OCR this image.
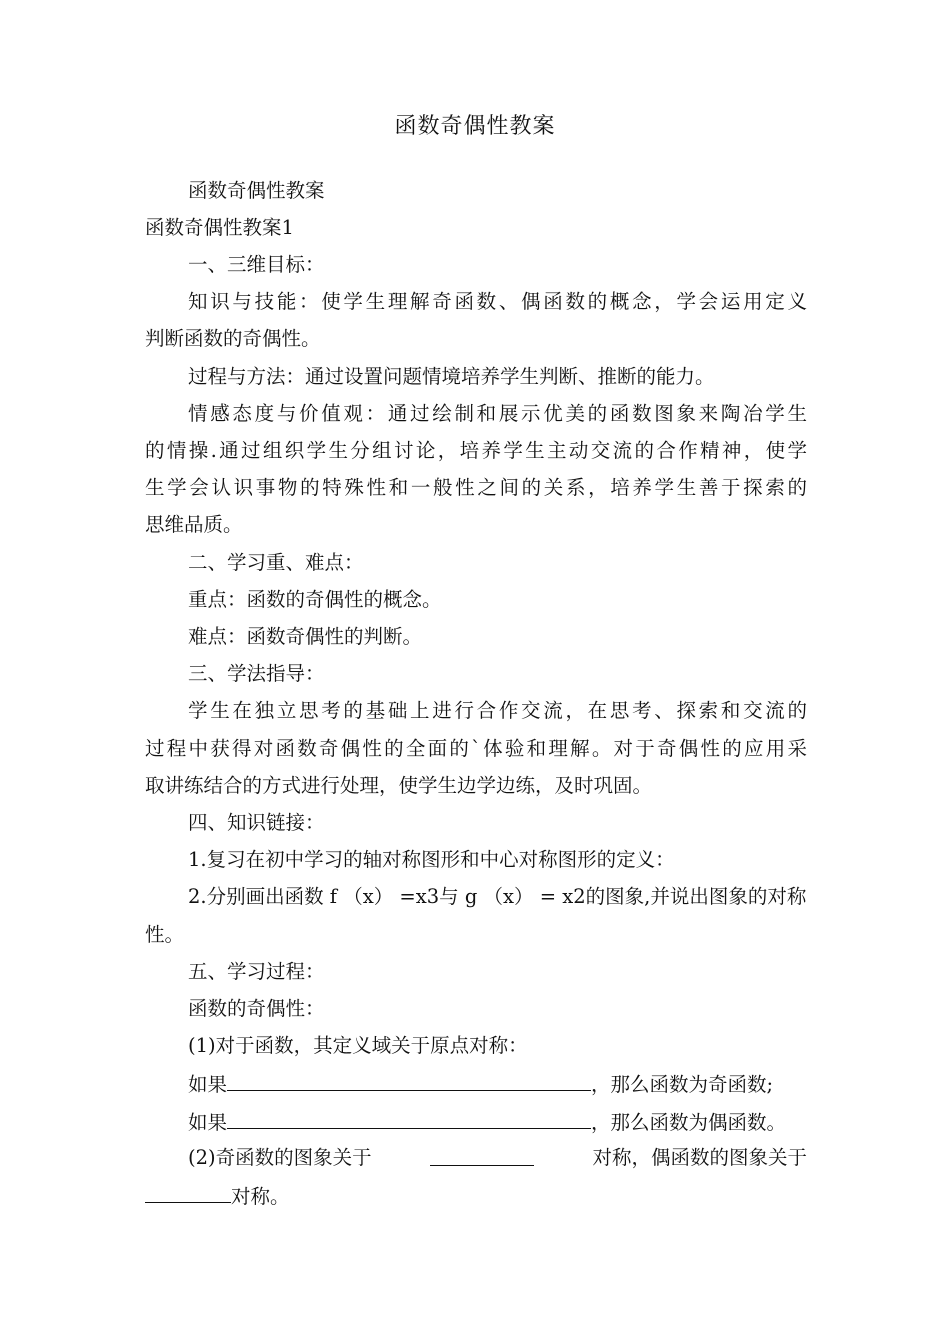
函数奇偶性教案
函数奇偶性教案
函数奇偶性教案1
一、三维目标：
知识与技能：使学生理解奇函数、偶函数的概念，学会运用定义
判断函数的奇偶性。
过程与方法：通过设置问题情境培养学生判断、推断的能力。
情感态度与价值观：通过绘制和展示优美的函数图象来陶冶学生
的情操.通过组织学生分组讨论，培养学生主动交流的合作精神，使学
生学会认识事物的特殊性和一般性之间的关系，培养学生善于探索的
思维品质。
二、学习重、难点：
重点：函数的奇偶性的概念。
难点：函数奇偶性的判断。
三、学法指导：
学生在独立思考的基础上进行合作交流，在思考、探索和交流的
过程中获得对函数奇偶性的全面的`体验和理解。对于奇偶性的应用采
取讲练结合的方式进行处理，使学生边学边练，及时巩固。
四、知识链接：
1.复习在初中学习的轴对称图形和中心对称图形的定义：
2.分别画出函数 f （x） =x3与 g （x） = x2的图象,并说出图象的对称
性。
五、学习过程：
函数的奇偶性：
(1)对于函数，其定义域关于原点对称：
如果	，那么函数为奇函数;
如果	，那么函数为偶函数。
(2)奇函数的图象关于	对称，偶函数的图象关于
对称。
